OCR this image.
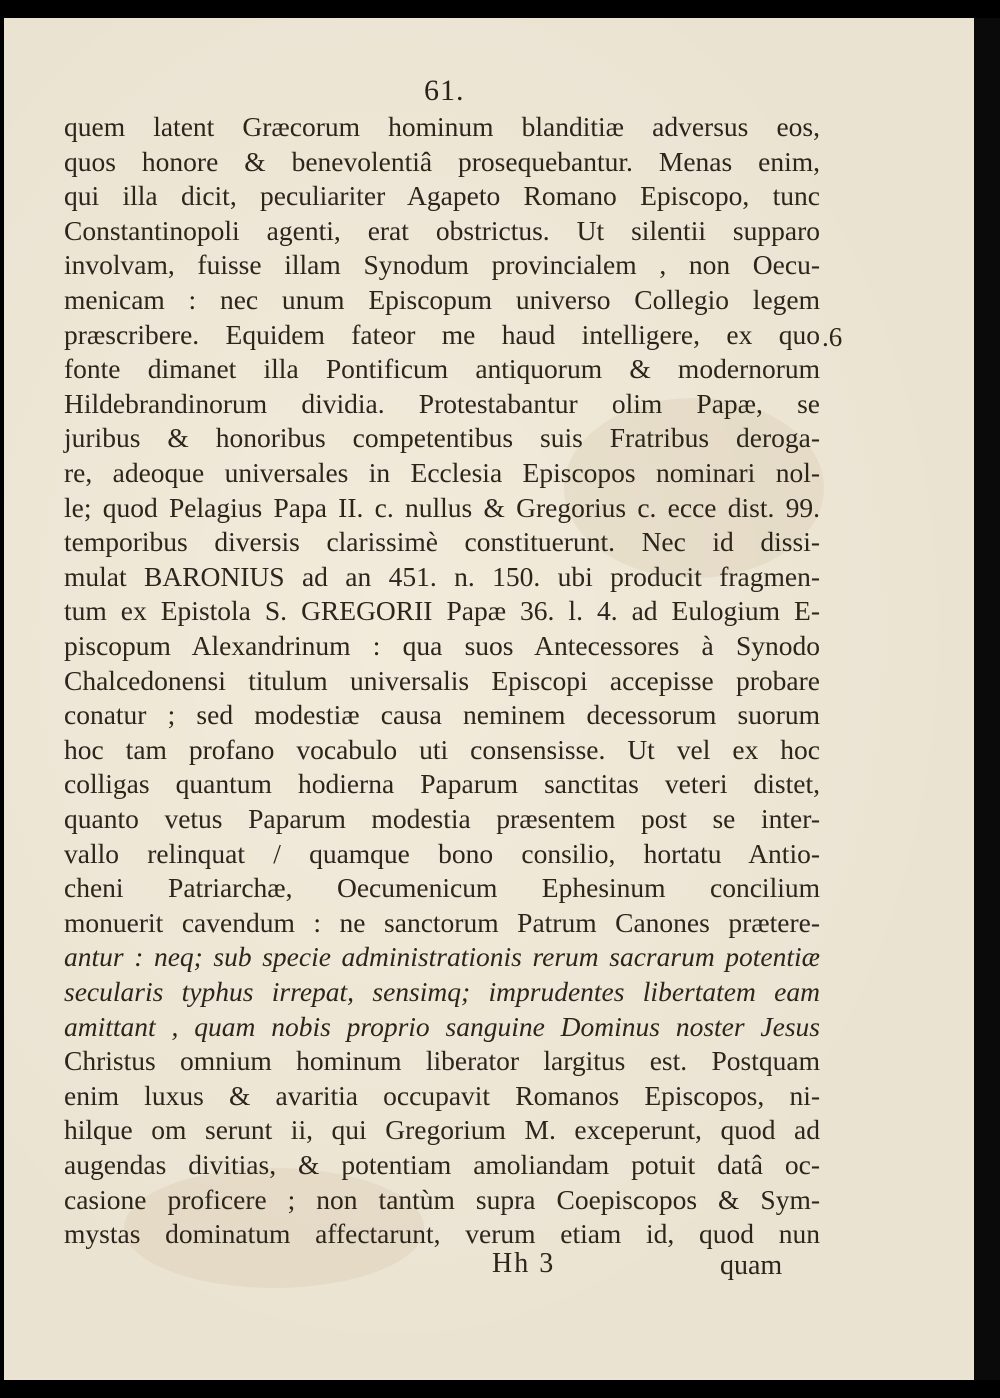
61.
quem latent Græcorum hominum blanditiæ adversus eos,
quos honore & benevolentiâ prosequebantur. Menas enim,
qui illa dicit, peculiariter Agapeto Romano Episcopo, tunc
Constantinopoli agenti, erat obstrictus. Ut silentii supparo
involvam, fuisse illam Synodum provincialem , non Oecu-
menicam : nec unum Episcopum universo Collegio legem
præscribere. Equidem fateor me haud intelligere, ex quo
fonte dimanet illa Pontificum antiquorum & modernorum
Hildebrandinorum dividia. Protestabantur olim Papæ, se
juribus & honoribus competentibus suis Fratribus deroga-
re, adeoque universales in Ecclesia Episcopos nominari nol-
le; quod Pelagius Papa II. c. nullus & Gregorius c. ecce dist. 99.
temporibus diversis clarissimè constituerunt. Nec id dissi-
mulat BARONIUS ad an 451. n. 150. ubi producit fragmen-
tum ex Epistola S. GREGORII Papæ 36. l. 4. ad Eulogium E-
piscopum Alexandrinum : qua suos Antecessores à Synodo
Chalcedonensi titulum universalis Episcopi accepisse probare
conatur ; sed modestiæ causa neminem decessorum suorum
hoc tam profano vocabulo uti consensisse. Ut vel ex hoc
colligas quantum hodierna Paparum sanctitas veteri distet,
quanto vetus Paparum modestia præsentem post se inter-
vallo relinquat / quamque bono consilio, hortatu Antio-
cheni Patriarchæ, Oecumenicum Ephesinum concilium
monuerit cavendum : ne sanctorum Patrum Canones prætere-
antur : neq; sub specie administrationis rerum sacrarum potentiæ
secularis typhus irrepat, sensimq; imprudentes libertatem eam
amittant , quam nobis proprio sanguine Dominus noster Jesus
Christus omnium hominum liberator largitus est. Postquam
enim luxus & avaritia occupavit Romanos Episcopos, ni-
hilque om serunt ii, qui Gregorium M. exceperunt, quod ad
augendas divitias, & potentiam amoliandam potuit datâ oc-
casione proficere ; non tantùm supra Coepiscopos & Sym-
mystas dominatum affectarunt, verum etiam id, quod nun
.6
Hh 3	quam
